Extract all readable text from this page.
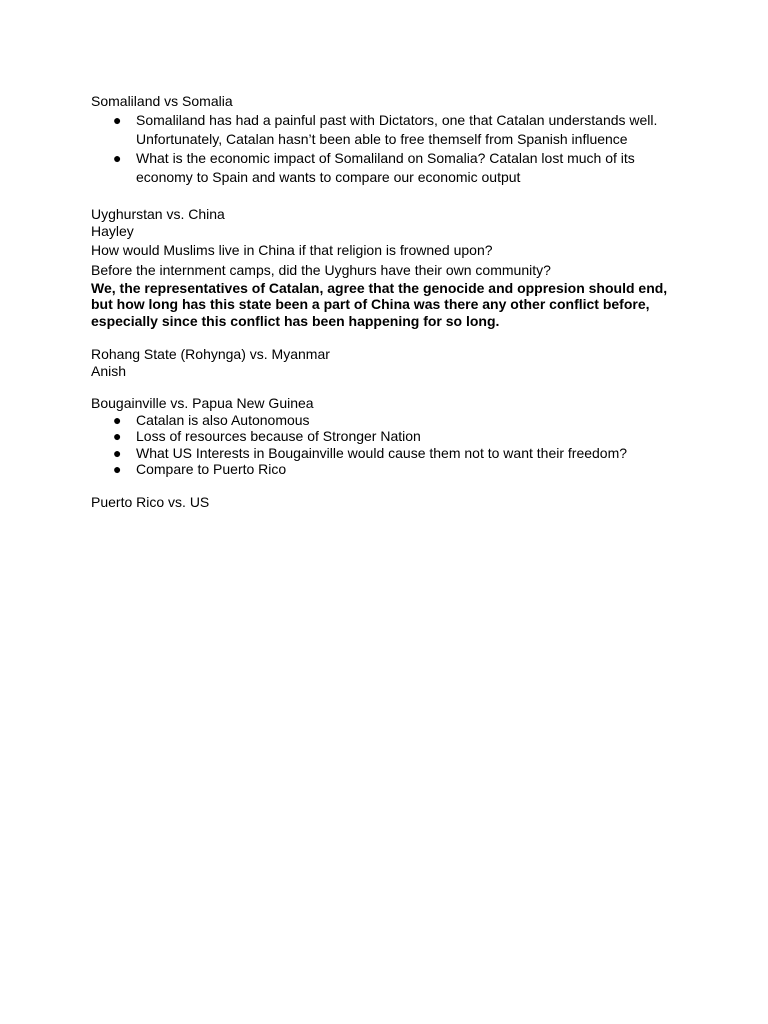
Somaliland vs Somalia
● Somaliland has had a painful past with Dictators, one that Catalan understands well.
Unfortunately, Catalan hasn’t been able to free themself from Spanish influence
● What is the economic impact of Somaliland on Somalia? Catalan lost much of its
economy to Spain and wants to compare our economic output
Uyghurstan vs. China
Hayley
How would Muslims live in China if that religion is frowned upon?
Before the internment camps, did the Uyghurs have their own community?
We, the representatives of Catalan, agree that the genocide and oppresion should end, but how long has this state been a part of China was there any other conflict before, especially since this conflict has been happening for so long.
Rohang State (Rohynga) vs. Myanmar
Anish
Bougainville vs. Papua New Guinea
● Catalan is also Autonomous
● Loss of resources because of Stronger Nation
● What US Interests in Bougainville would cause them not to want their freedom?
● Compare to Puerto Rico
Puerto Rico vs. US
